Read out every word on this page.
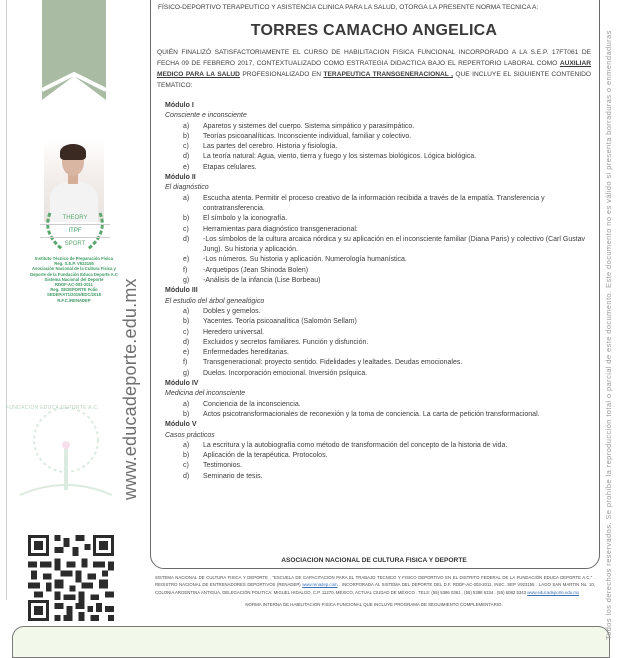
THEORY
ITPF
SPORT
Instituto Técnico de Preparación Física
Reg. S.E.P. V923155
Asociación Nacional de la Cultura Física y
Deporte de la Fundación Educa Deporte A.C
Sistema Nacional del Deporte
RDDF-AC-003-2011
Reg. SEDEPORTE Folio
SEDEP/AT1/2015/EDC/2018
R.F.C./RENADEP
FUNDACION EDUCA DEPORTE A.C.	www.educadeporte.edu.mx
FÍSICO-DEPORTIVO TERAPEUTICO Y ASISTENCIA CLINICA PARA LA SALUD, OTORGA LA PRESENTE NORMA TECNICA A:
TORRES CAMACHO ANGELICA
QUIÉN FINALIZÓ SATISFACTORIAMENTE EL CURSO DE HABILITACION FISICA FUNCIONAL INCORPORADO A LA S.E.P. 17FT061 DE FECHA 09 DE FEBRERO 2017, CONTEXTUALIZADO COMO ESTRATEGIA DIDACTICA BAJO EL REPERTORIO LABORAL COMO AUXILIAR MEDICO PARA LA SALUD PROFESIONALIZADO EN TERAPEUTICA TRANSGENERACIONAL , QUE INCLUYE EL SIGUIENTE CONTENIDO TEMATICO:
Módulo I
Consciente e inconsciente
a)	Aparetos y sistemes del cuerpo. Sistema simpático y parasimpático.
b)	Teorías psicoanalíticas. Inconsciente individual, familiar y colectivo.
c)	Las partes del cerebro. Historia y fisiología.
d)	La teoría natural: Agua, viento, tierra y fuego y los sistemas biológicos. Lógica biológica.
e)	Etapas celulares.
Módulo II
El diagnóstico
a)	Escucha atenta. Permitir el proceso creativo de la información recibida a través de la empatía. Transferencia y contratransferencia.
b)	El símbolo y la iconografía.
c)	Herramientas para diagnóstico transgeneracional:
d)	-Los símbolos de la cultura arcaica nórdica y su aplicación en el inconsciente familiar (Diana Paris) y colectivo (Carl Gustav Jung). Su historia y aplicación.
e)	-Los números. Su historia y aplicación. Numerología humanística.
f)	-Arquetipos (Jean Shinoda Bolen)
g)	-Análisis de la infancia (Lise Borbeau)
Módulo III
El estudio del árbol genealógico
a)	Dobles y gemelos.
b)	Yacentes. Teoría psicoanalítica (Salomón Sellam)
c)	Heredero universal.
d)	Excluidos y secretos familiares. Función y disfunción.
e)	Enfermedades hereditarias.
f)	Transgeneracional: proyecto sentido. Fidelidades y lealtades. Deudas emocionales.
g)	Duelos. Incorporación emocional. Inversión psíquica.
Módulo IV
Medicina del inconsciente
a)	Conciencia de la inconsciencia.
b)	Actos psicotransformacionales de reconexión y la toma de conciencia. La carta de petición transformacional.
Módulo V
Casos prácticos
a)	La escritura y la autobiografía como método de transformación del concepto de la historia de vida.
b)	Aplicación de la terapéutica. Protocolos.
c)	Testimonios.
d)	Seminario de tesis.
ASOCIACION NACIONAL DE CULTURA FISICA Y DEPORTE
SISTEMA NACIONAL DE CULTURA FISICA Y DEPORTE . "ESCUELA DE CAPACITACION PARA EL TRABAJO TECNICO Y FISICO DEPORTIVO EN EL DISTRITO FEDERAL DE LA FUNDACIÓN EDUCA DEPORTE A.C." . REGISTRO NACIONAL DE ENTRENADORES DEPORTIVOS (RENADEP) www.renadep.com . INCORPORADA AL SISTEMA DEL DEPORTE DEL D.F. RDDF-AC-003-2011, INSC. SEP V923155 . LAGO SAN MARTIN No. 10, COLONIA ARGENTINA ANTIGUA, DELEGACIÓN POLITICA: MIGUEL HIDALGO, C.P. 11270, MÉXICO, ACTUAL CIUDAD DE MÉXICO . TELS: (55) 5386 0361 . (55) 5388 6334 . (55) 5082 5343 www.educadeporte.edu.mx
NORMA INTERNA DE HABILITACION FISICA FUNCIONAL QUE INCLUYE PROGRAMA DE SEGUIMIENTO COMPLEMENTARIO.	Todos los derechos reservados. Se prohíbe la reproducción total o parcial de este documento. Este documento no es válido si presenta borraduras o enmendaduras
